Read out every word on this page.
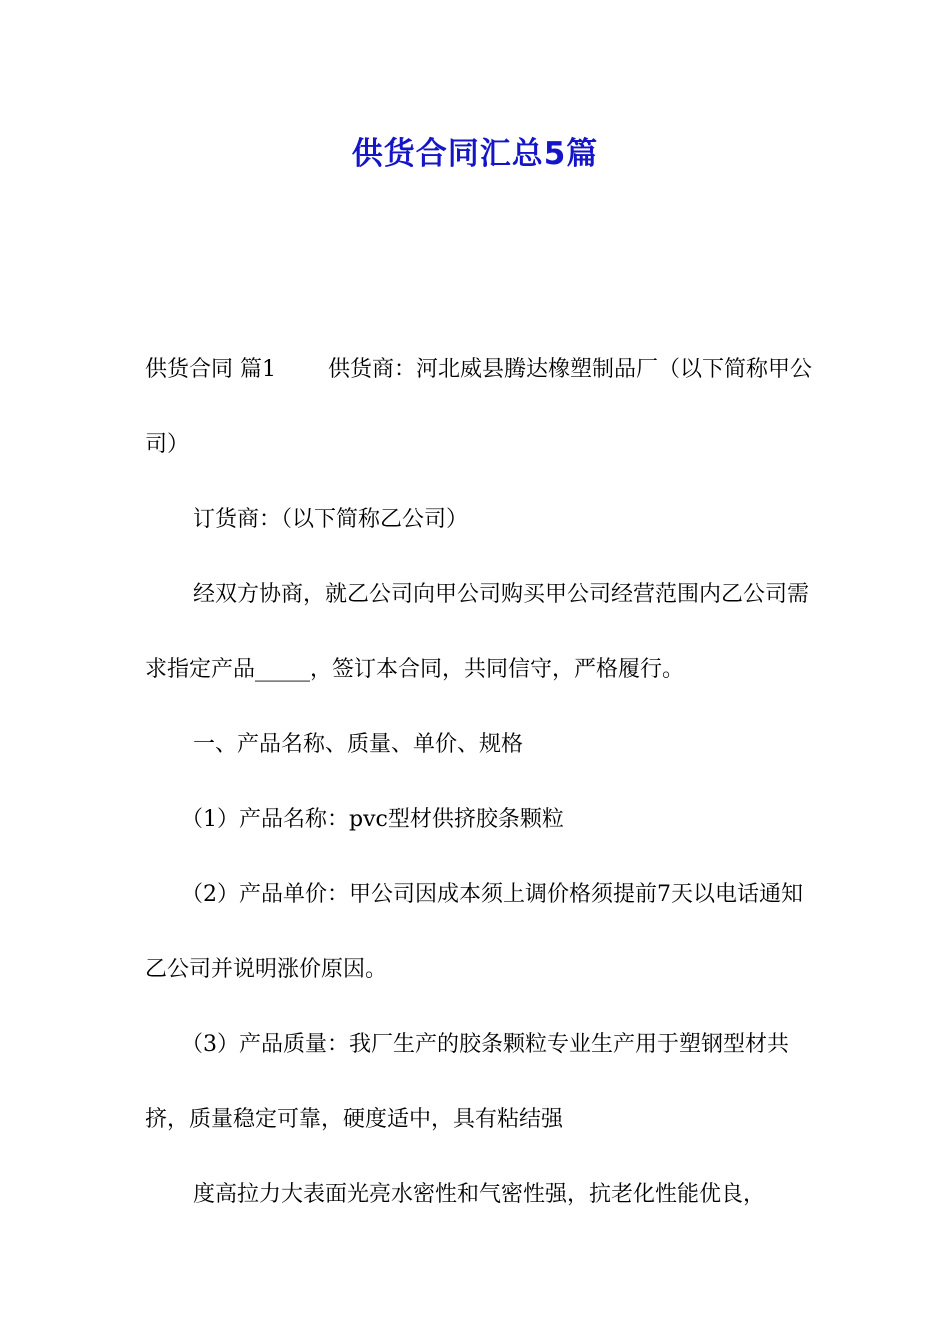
供货合同汇总5篇

供货合同 篇1 供货商：河北威县腾达橡塑制品厂（以下简称甲公司）

订货商：（以下简称乙公司）

经双方协商，就乙公司向甲公司购买甲公司经营范围内乙公司需求指定产品_____，签订本合同，共同信守，严格履行。

一、产品名称、质量、单价、规格

（1）产品名称：pvc型材供挤胶条颗粒

（2）产品单价：甲公司因成本须上调价格须提前7天以电话通知乙公司并说明涨价原因。

（3）产品质量：我厂生产的胶条颗粒专业生产用于塑钢型材共挤，质量稳定可靠，硬度适中，具有粘结强

度高拉力大表面光亮水密性和气密性强，抗老化性能优良，
